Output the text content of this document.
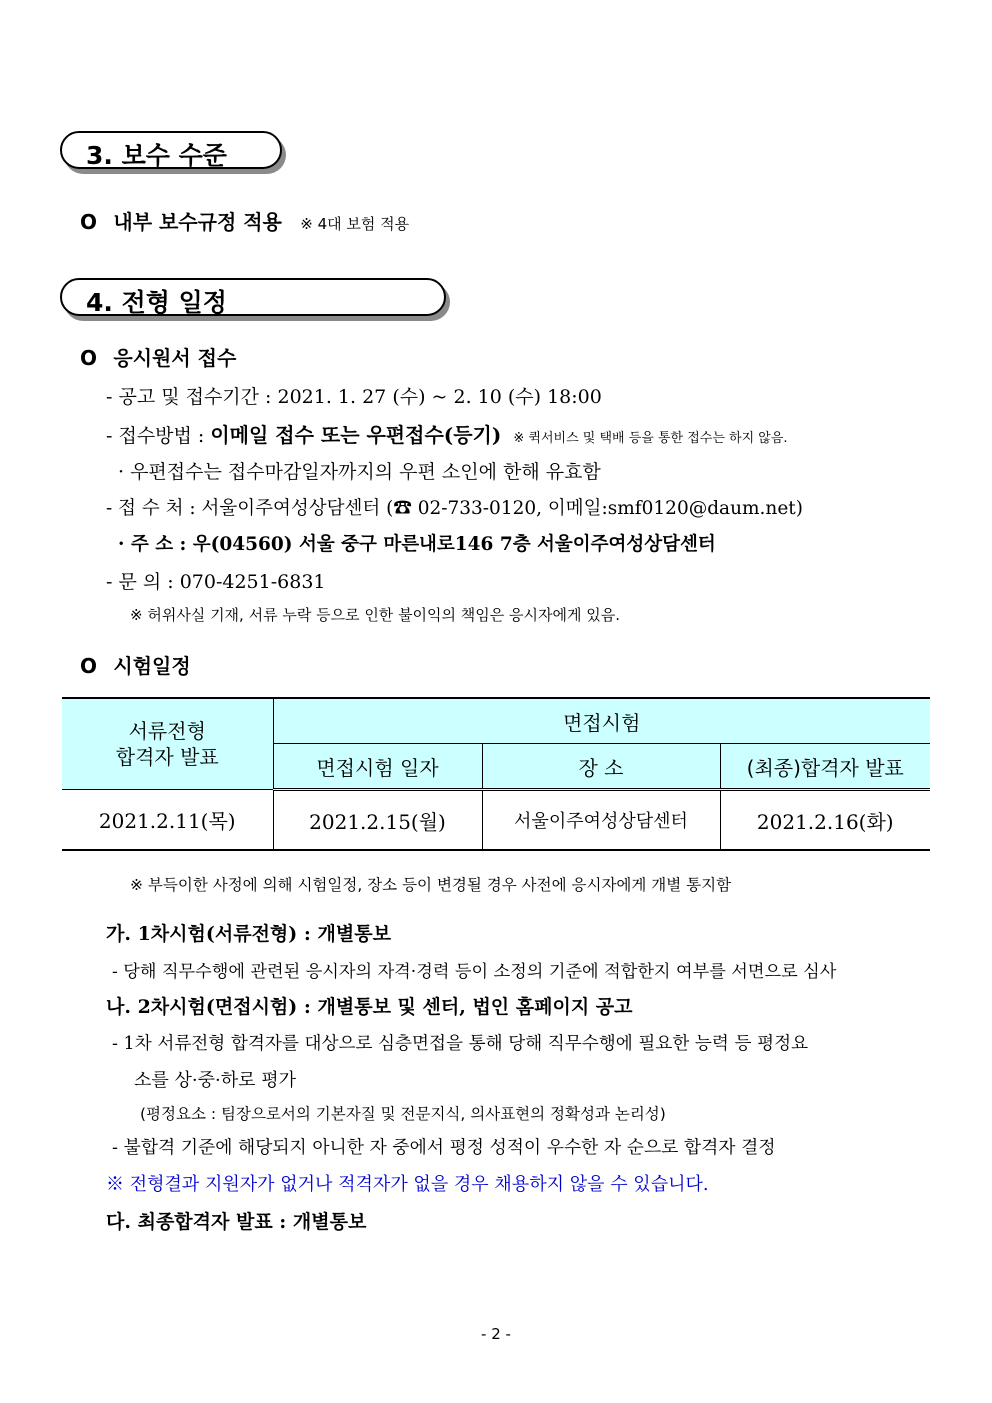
3. 보수 수준
O 내부 보수규정 적용 ※ 4대 보험 적용
4. 전형 일정
O 응시원서 접수
- 공고 및 접수기간 : 2021. 1. 27 (수) ~ 2. 10 (수) 18:00
- 접수방법 : 이메일 접수 또는 우편접수(등기) ※ 퀵서비스 및 택배 등을 통한 접수는 하지 않음.
· 우편접수는 접수마감일자까지의 우편 소인에 한해 유효함
- 접 수 처 : 서울이주여성상담센터 (☎ 02-733-0120, 이메일:smf0120@daum.net)
· 주 소 : 우(04560) 서울 중구 마른내로146 7층 서울이주여성상담센터
- 문 의 : 070-4251-6831
※ 허위사실 기재, 서류 누락 등으로 인한 불이익의 책임은 응시자에게 있음.
O 시험일정
서류전형
합격자 발표	면접시험		
	면접시험 일자	장 소	(최종)합격자 발표
2021.2.11(목)	2021.2.15(월)	서울이주여성상담센터	2021.2.16(화)
※ 부득이한 사정에 의해 시험일정, 장소 등이 변경될 경우 사전에 응시자에게 개별 통지함
가. 1차시험(서류전형) : 개별통보
- 당해 직무수행에 관련된 응시자의 자격·경력 등이 소정의 기준에 적합한지 여부를 서면으로 심사
나. 2차시험(면접시험) : 개별통보 및 센터, 법인 홈페이지 공고
- 1차 서류전형 합격자를 대상으로 심층면접을 통해 당해 직무수행에 필요한 능력 등 평정요
소를 상·중·하로 평가
(평정요소 : 팀장으로서의 기본자질 및 전문지식, 의사표현의 정확성과 논리성)
- 불합격 기준에 해당되지 아니한 자 중에서 평정 성적이 우수한 자 순으로 합격자 결정
※ 전형결과 지원자가 없거나 적격자가 없을 경우 채용하지 않을 수 있습니다.
다. 최종합격자 발표 : 개별통보
- 2 -
